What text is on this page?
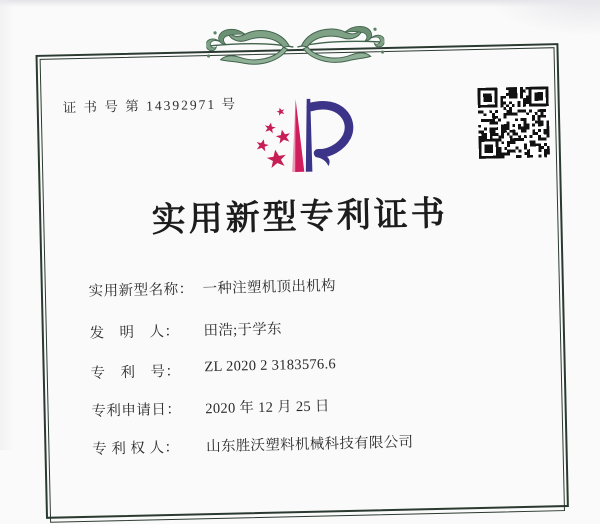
证 书 号 第 14392971 号
实用新型专利证书

实用新型名称： 一种注塑机顶出机构

发　明　人： 田浩;于学东

专　利　号： ZL 2020 2 3183576.6

专利申请日： 2020 年 12 月 25 日

专 利 权 人： 山东胜沃塑料机械科技有限公司
